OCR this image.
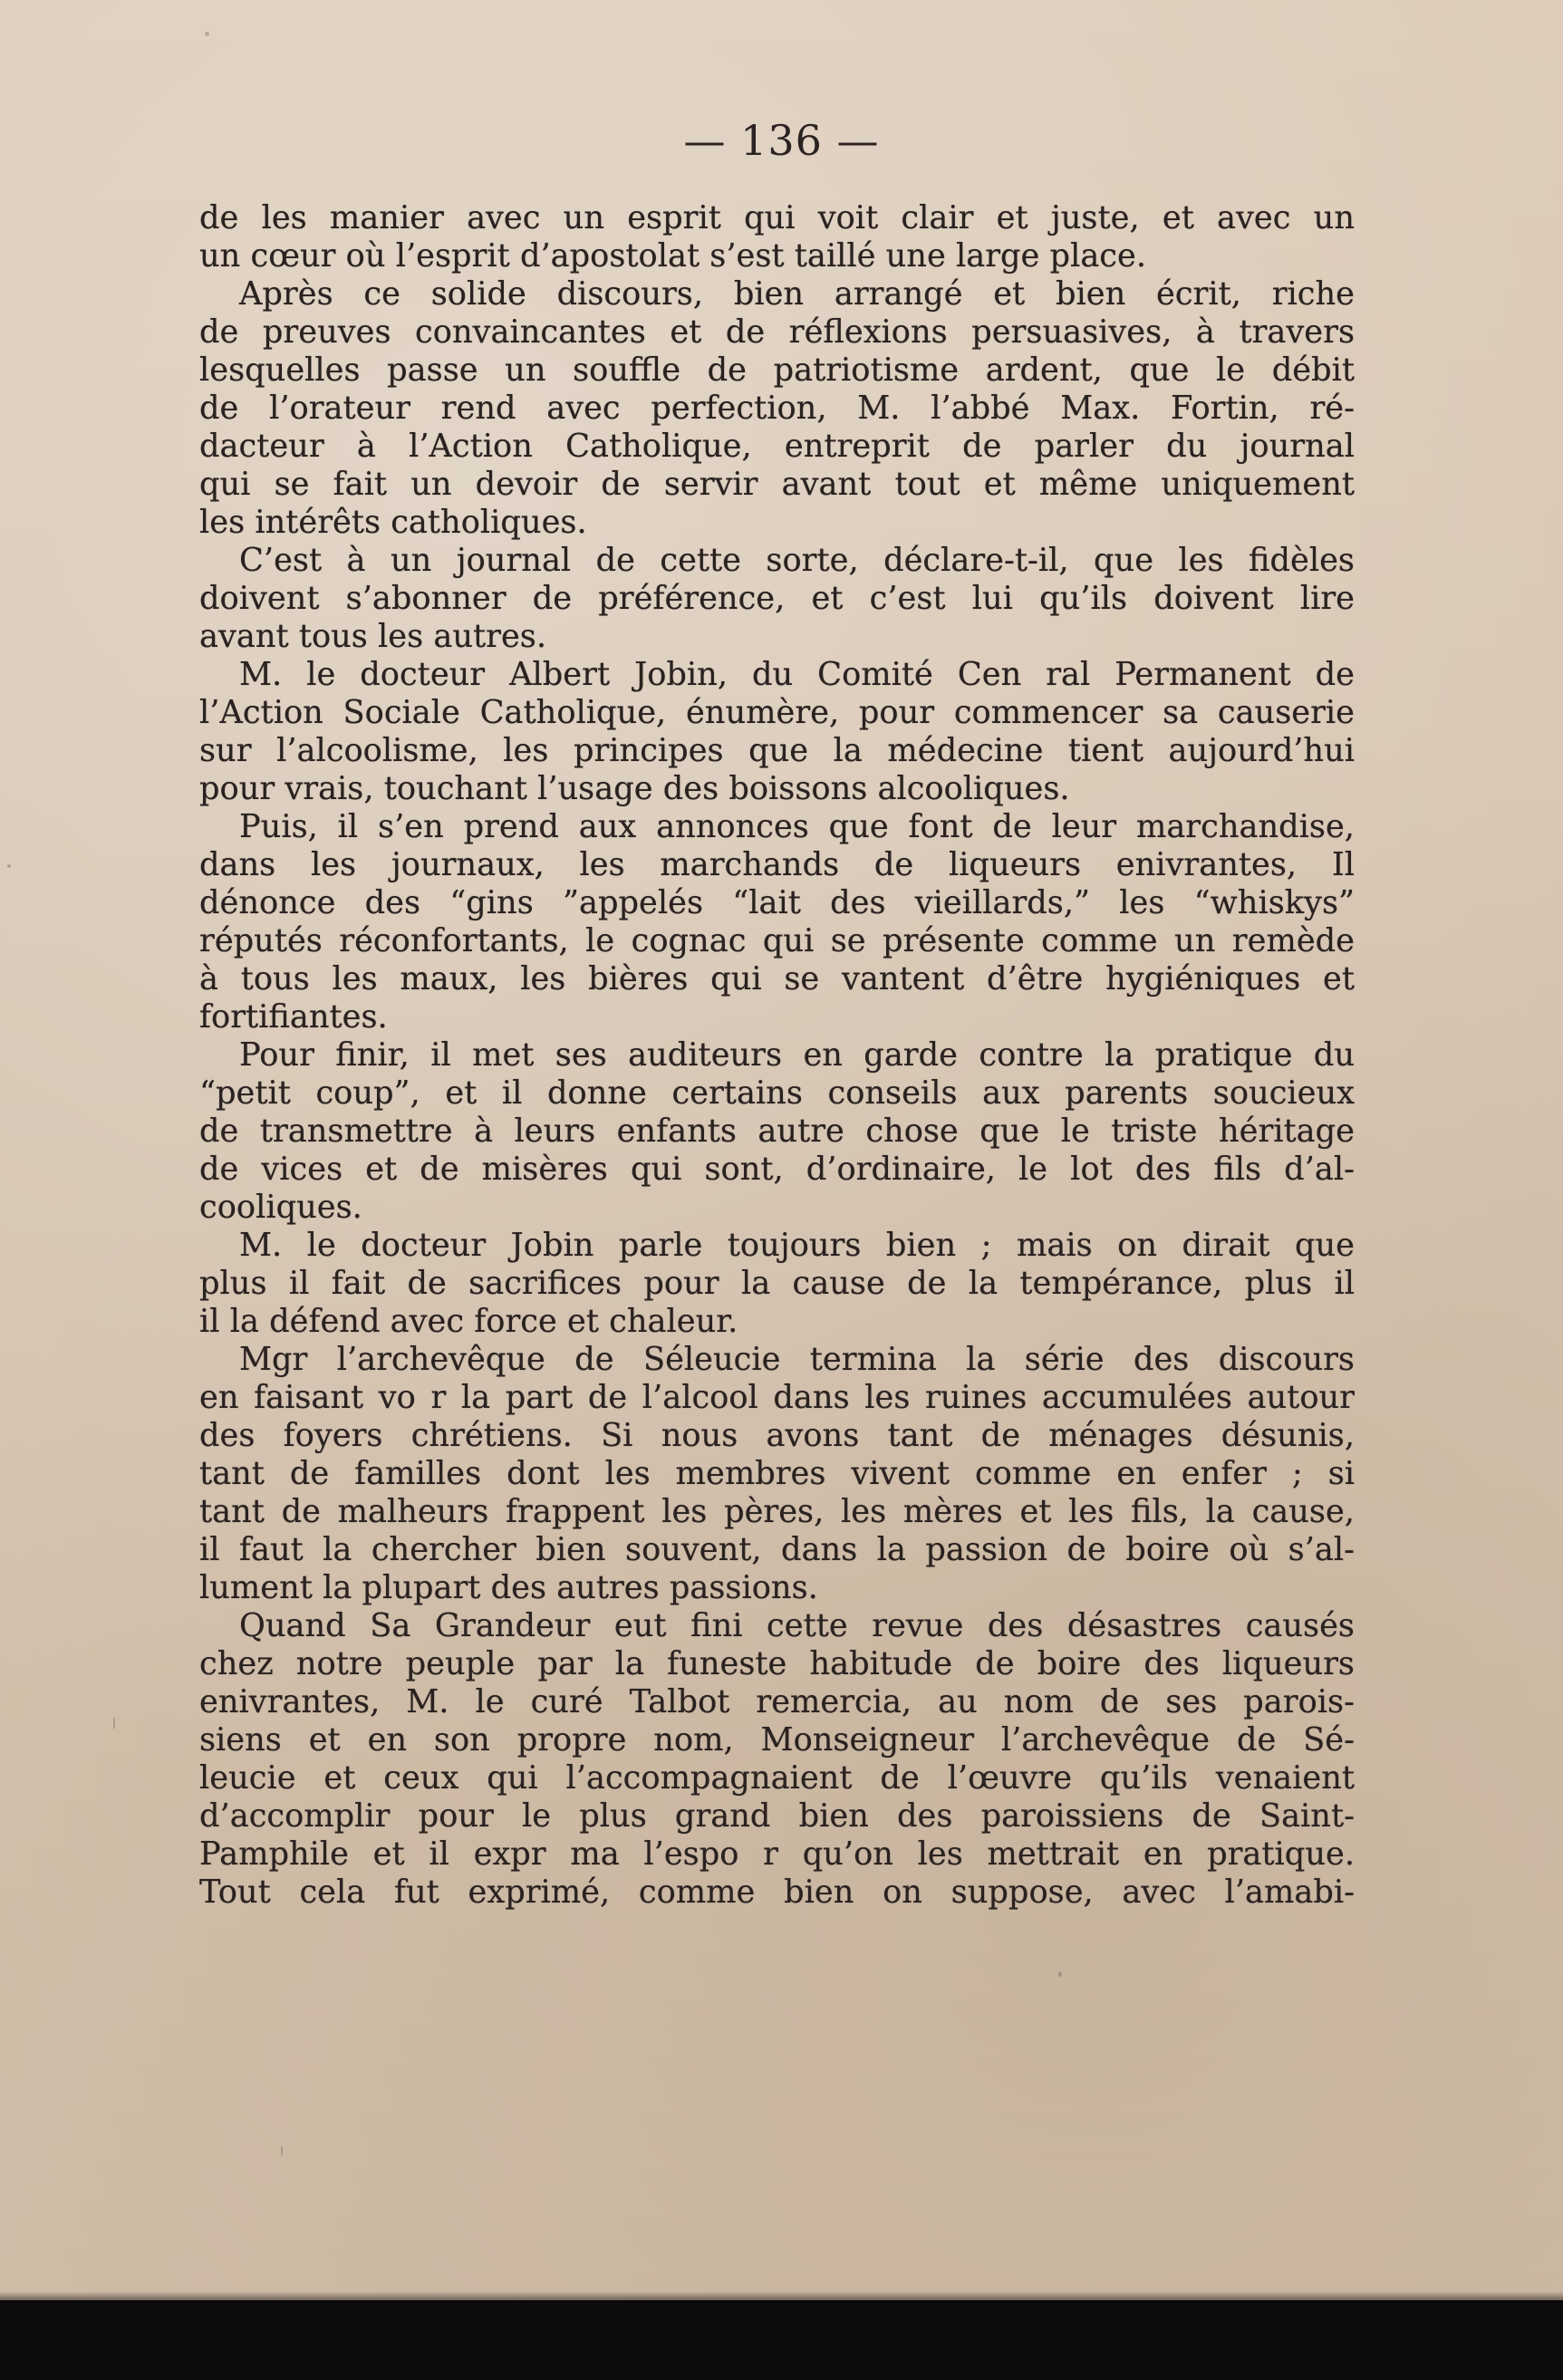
— 136 —

de les manier avec un esprit qui voit clair et juste, et avec un

un cœur où l’esprit d’apostolat s’est taillé une large place.

Après ce solide discours, bien arrangé et bien écrit, riche

de preuves convaincantes et de réflexions persuasives, à travers

lesquelles passe un souffle de patriotisme ardent, que le débit

de l’orateur rend avec perfection, M. l’abbé Max. Fortin, ré-

dacteur à l’Action Catholique, entreprit de parler du journal

qui se fait un devoir de servir avant tout et même uniquement

les intérêts catholiques.

C’est à un journal de cette sorte, déclare-t-il, que les fidèles

doivent s’abonner de préférence, et c’est lui qu’ils doivent lire

avant tous les autres.

M. le docteur Albert Jobin, du Comité Cen ral Permanent de

l’Action Sociale Catholique, énumère, pour commencer sa causerie

sur l’alcoolisme, les principes que la médecine tient aujourd’hui

pour vrais, touchant l’usage des boissons alcooliques.

Puis, il s’en prend aux annonces que font de leur marchandise,

dans les journaux, les marchands de liqueurs enivrantes, Il

dénonce des “gins ”appelés “lait des vieillards,” les “whiskys”

réputés réconfortants, le cognac qui se présente comme un remède

à tous les maux, les bières qui se vantent d’être hygiéniques et

fortifiantes.

Pour finir, il met ses auditeurs en garde contre la pratique du

“petit coup”, et il donne certains conseils aux parents soucieux

de transmettre à leurs enfants autre chose que le triste héritage

de vices et de misères qui sont, d’ordinaire, le lot des fils d’al-

cooliques.

M. le docteur Jobin parle toujours bien ; mais on dirait que

plus il fait de sacrifices pour la cause de la tempérance, plus il

il la défend avec force et chaleur.

Mgr l’archevêque de Séleucie termina la série des discours

en faisant vo r la part de l’alcool dans les ruines accumulées autour

des foyers chrétiens. Si nous avons tant de ménages désunis,

tant de familles dont les membres vivent comme en enfer ; si

tant de malheurs frappent les pères, les mères et les fils, la cause,

il faut la chercher bien souvent, dans la passion de boire où s’al-

lument la plupart des autres passions.

Quand Sa Grandeur eut fini cette revue des désastres causés

chez notre peuple par la funeste habitude de boire des liqueurs

enivrantes, M. le curé Talbot remercia, au nom de ses parois-

siens et en son propre nom, Monseigneur l’archevêque de Sé-

leucie et ceux qui l’accompagnaient de l’œuvre qu’ils venaient

d’accomplir pour le plus grand bien des paroissiens de Saint-

Pamphile et il expr ma l’espo r qu’on les mettrait en pratique.

Tout cela fut exprimé, comme bien on suppose, avec l’amabi-
